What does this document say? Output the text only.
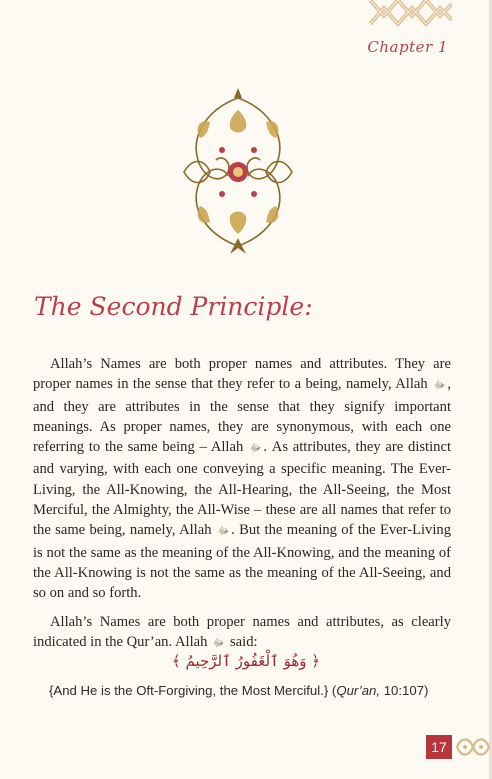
Chapter 1
The Second Principle:

Allah’s Names are both proper names and attributes. They are proper names in the sense that they refer to a being, namely, Allah ﷻ , and they are attributes in the sense that they signify important meanings. As proper names, they are synonymous, with each one referring to the same being – Allah ﷻ . As attributes, they are distinct and varying, with each one conveying a specific meaning. The Ever-Living, the All-Knowing, the All-Hearing, the All-Seeing, the Most Merciful, the Almighty, the All-Wise – these are all names that refer to the same being, namely, Allah ﷻ . But the meaning of the Ever-Living is not the same as the meaning of the All-Knowing, and the meaning of the All-Knowing is not the same as the meaning of the All-Seeing, and so on and so forth.

Allah’s Names are both proper names and attributes, as clearly indicated in the Qur’an. Allah ﷻ said:

﴿ وَهُوَ ٱلْغَفُورُ ٱلرَّحِيمُ ﴾
{And He is the Oft-Forgiving, the Most Merciful.} (Qur’an, 10:107)
17
